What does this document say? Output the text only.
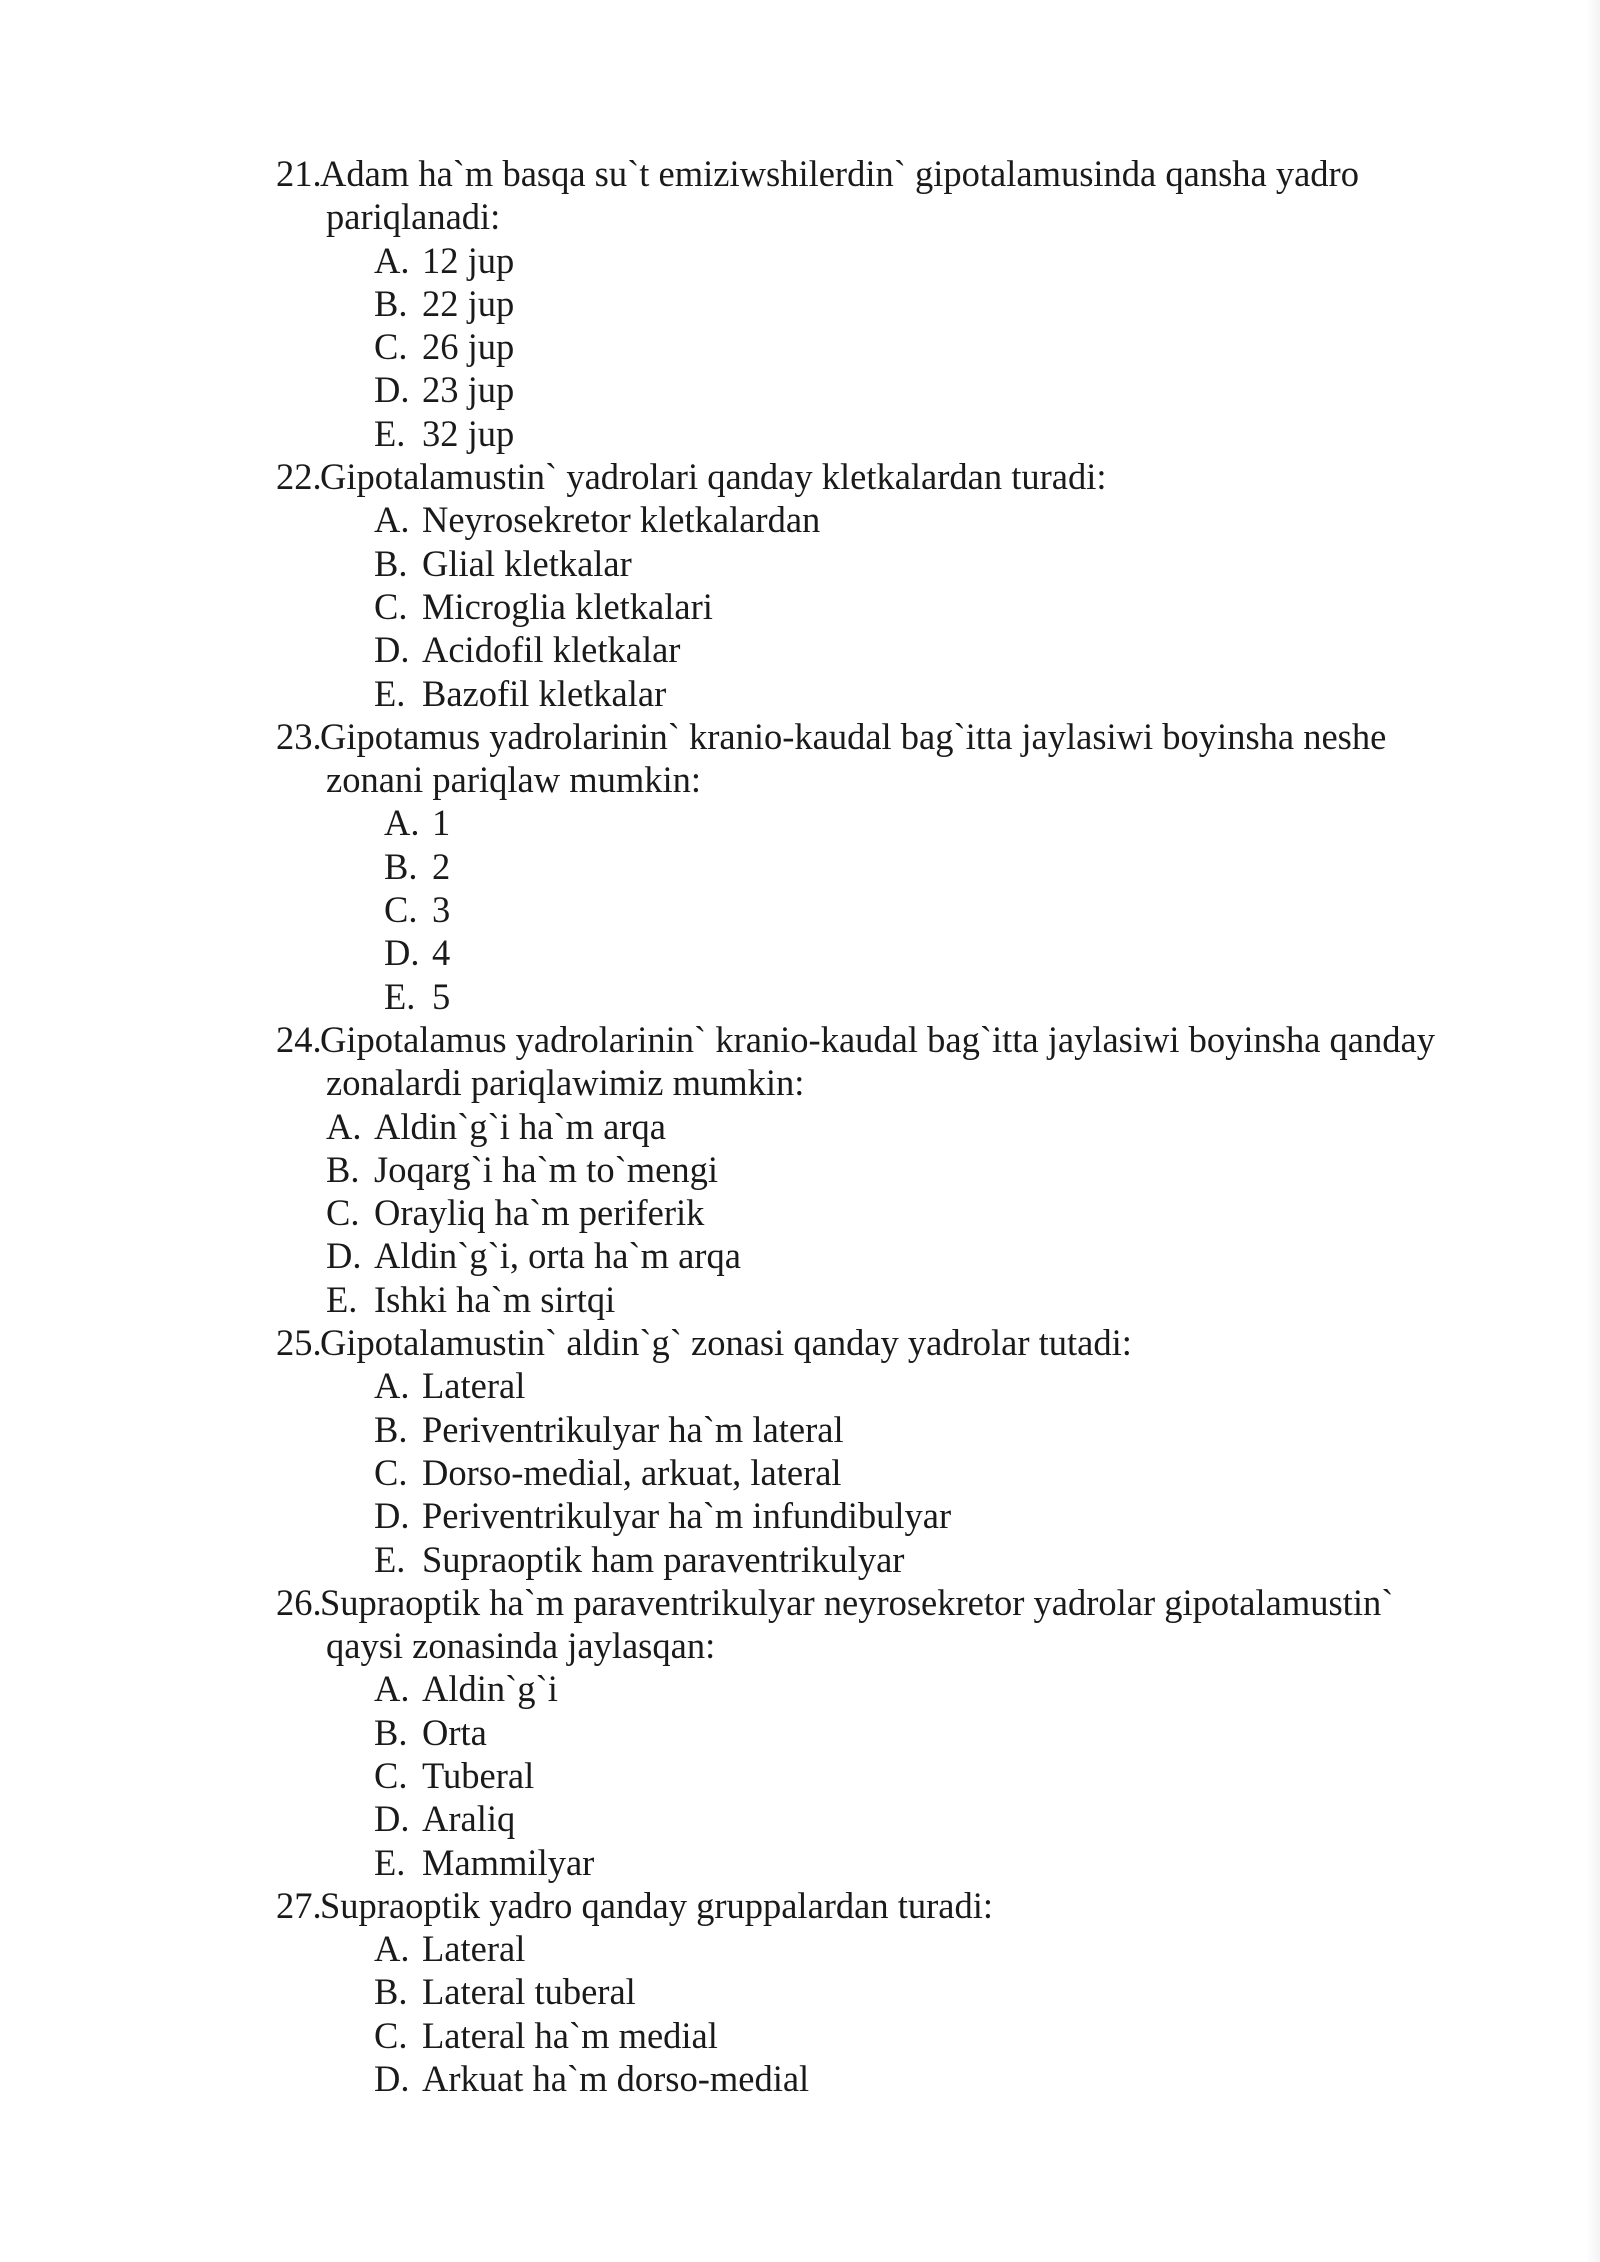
21.
Adam ha`m basqa su`t emiziwshilerdin` gipotalamusinda qansha yadro
pariqlanadi:
A. 12 jup
B. 22 jup
C. 26 jup
D. 23 jup
E. 32 jup
22.
Gipotalamustin` yadrolari qanday kletkalardan turadi:
A. Neyrosekretor kletkalardan
B. Glial kletkalar
C. Microglia kletkalari
D. Acidofil kletkalar
E. Bazofil kletkalar
23.
Gipotamus yadrolarinin` kranio-kaudal bag`itta jaylasiwi boyinsha neshe
zonani pariqlaw mumkin:
A. 1
B. 2
C. 3
D. 4
E. 5
24.
Gipotalamus yadrolarinin` kranio-kaudal bag`itta jaylasiwi boyinsha qanday
zonalardi pariqlawimiz mumkin:
A. Aldin`g`i ha`m arqa
B. Joqarg`i ha`m to`mengi
C. Orayliq ha`m periferik
D. Aldin`g`i, orta ha`m arqa
E. Ishki ha`m sirtqi
25.
Gipotalamustin` aldin`g` zonasi qanday yadrolar tutadi:
A. Lateral
B. Periventrikulyar ha`m lateral
C. Dorso-medial, arkuat, lateral
D. Periventrikulyar ha`m infundibulyar
E. Supraoptik ham paraventrikulyar
26.
Supraoptik ha`m paraventrikulyar neyrosekretor yadrolar gipotalamustin`
qaysi zonasinda jaylasqan:
A. Aldin`g`i
B. Orta
C. Tuberal
D. Araliq
E. Mammilyar
27.
Supraoptik yadro qanday gruppalardan turadi:
A. Lateral
B. Lateral tuberal
C. Lateral ha`m medial
D. Arkuat ha`m dorso-medial
